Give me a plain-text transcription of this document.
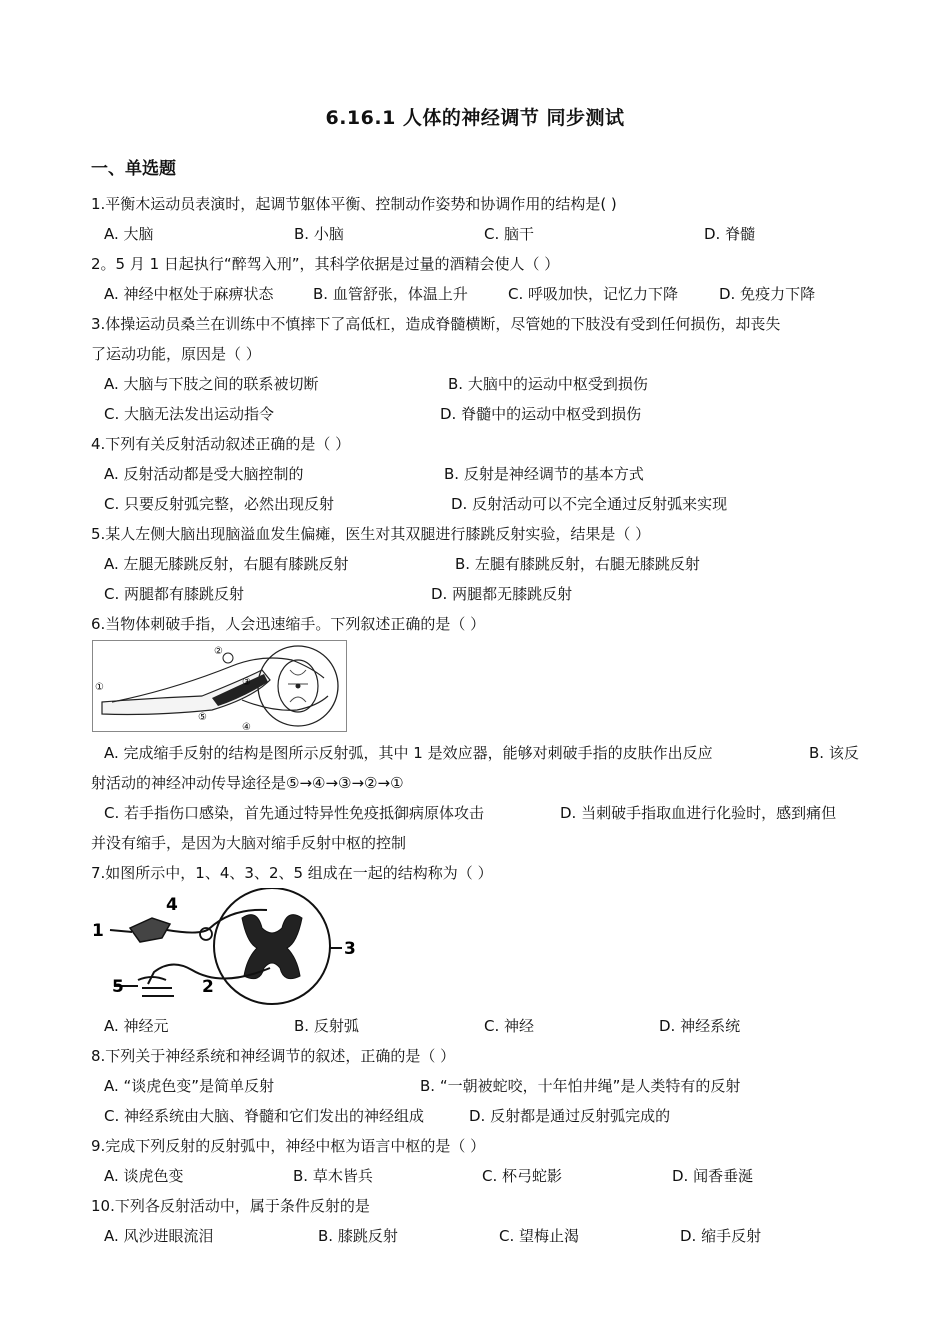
6.16.1 人体的神经调节 同步测试
一、单选题
1.平衡木运动员表演时，起调节躯体平衡、控制动作姿势和协调作用的结构是( )
A. 大脑	B. 小脑	C. 脑干	D. 脊髓
2。5 月 1 日起执行“醉驾入刑”，其科学依据是过量的酒精会使人（ ）
A. 神经中枢处于麻痹状态	B. 血管舒张，体温上升	C. 呼吸加快，记忆力下降	D. 免疫力下降
3.体操运动员桑兰在训练中不慎摔下了高低杠，造成脊髓横断，尽管她的下肢没有受到任何损伤，却丧失
了运动功能，原因是（ ）
A. 大脑与下肢之间的联系被切断	B. 大脑中的运动中枢受到损伤
C. 大脑无法发出运动指令	D. 脊髓中的运动中枢受到损伤
4.下列有关反射活动叙述正确的是（ ）
A. 反射活动都是受大脑控制的	B. 反射是神经调节的基本方式
C. 只要反射弧完整，必然出现反射	D. 反射活动可以不完全通过反射弧来实现
5.某人左侧大脑出现脑溢血发生偏瘫，医生对其双腿进行膝跳反射实验，结果是（ ）
A. 左腿无膝跳反射，右腿有膝跳反射	B. 左腿有膝跳反射，右腿无膝跳反射
C. 两腿都有膝跳反射	D. 两腿都无膝跳反射
6.当物体刺破手指，人会迅速缩手。下列叙述正确的是（ ）
①
②
③
④
⑤
A. 完成缩手反射的结构是图所示反射弧，其中 1 是效应器，能够对刺破手指的皮肤作出反应	B. 该反
射活动的神经冲动传导途径是⑤→④→③→②→①
C. 若手指伤口感染，首先通过特异性免疫抵御病原体攻击	D. 当刺破手指取血进行化验时，感到痛但
并没有缩手，是因为大脑对缩手反射中枢的控制
7.如图所示中，1、4、3、2、5 组成在一起的结构称为（ ）
1
2
3
4
5
A. 神经元	B. 反射弧	C. 神经	D. 神经系统
8.下列关于神经系统和神经调节的叙述，正确的是（ ）
A. “谈虎色变”是简单反射	B. “一朝被蛇咬，十年怕井绳”是人类特有的反射
C. 神经系统由大脑、脊髓和它们发出的神经组成	D. 反射都是通过反射弧完成的
9.完成下列反射的反射弧中，神经中枢为语言中枢的是（ ）
A. 谈虎色变	B. 草木皆兵	C. 杯弓蛇影	D. 闻香垂涎
10.下列各反射活动中，属于条件反射的是
A. 风沙进眼流泪	B. 膝跳反射	C. 望梅止渴	D. 缩手反射
